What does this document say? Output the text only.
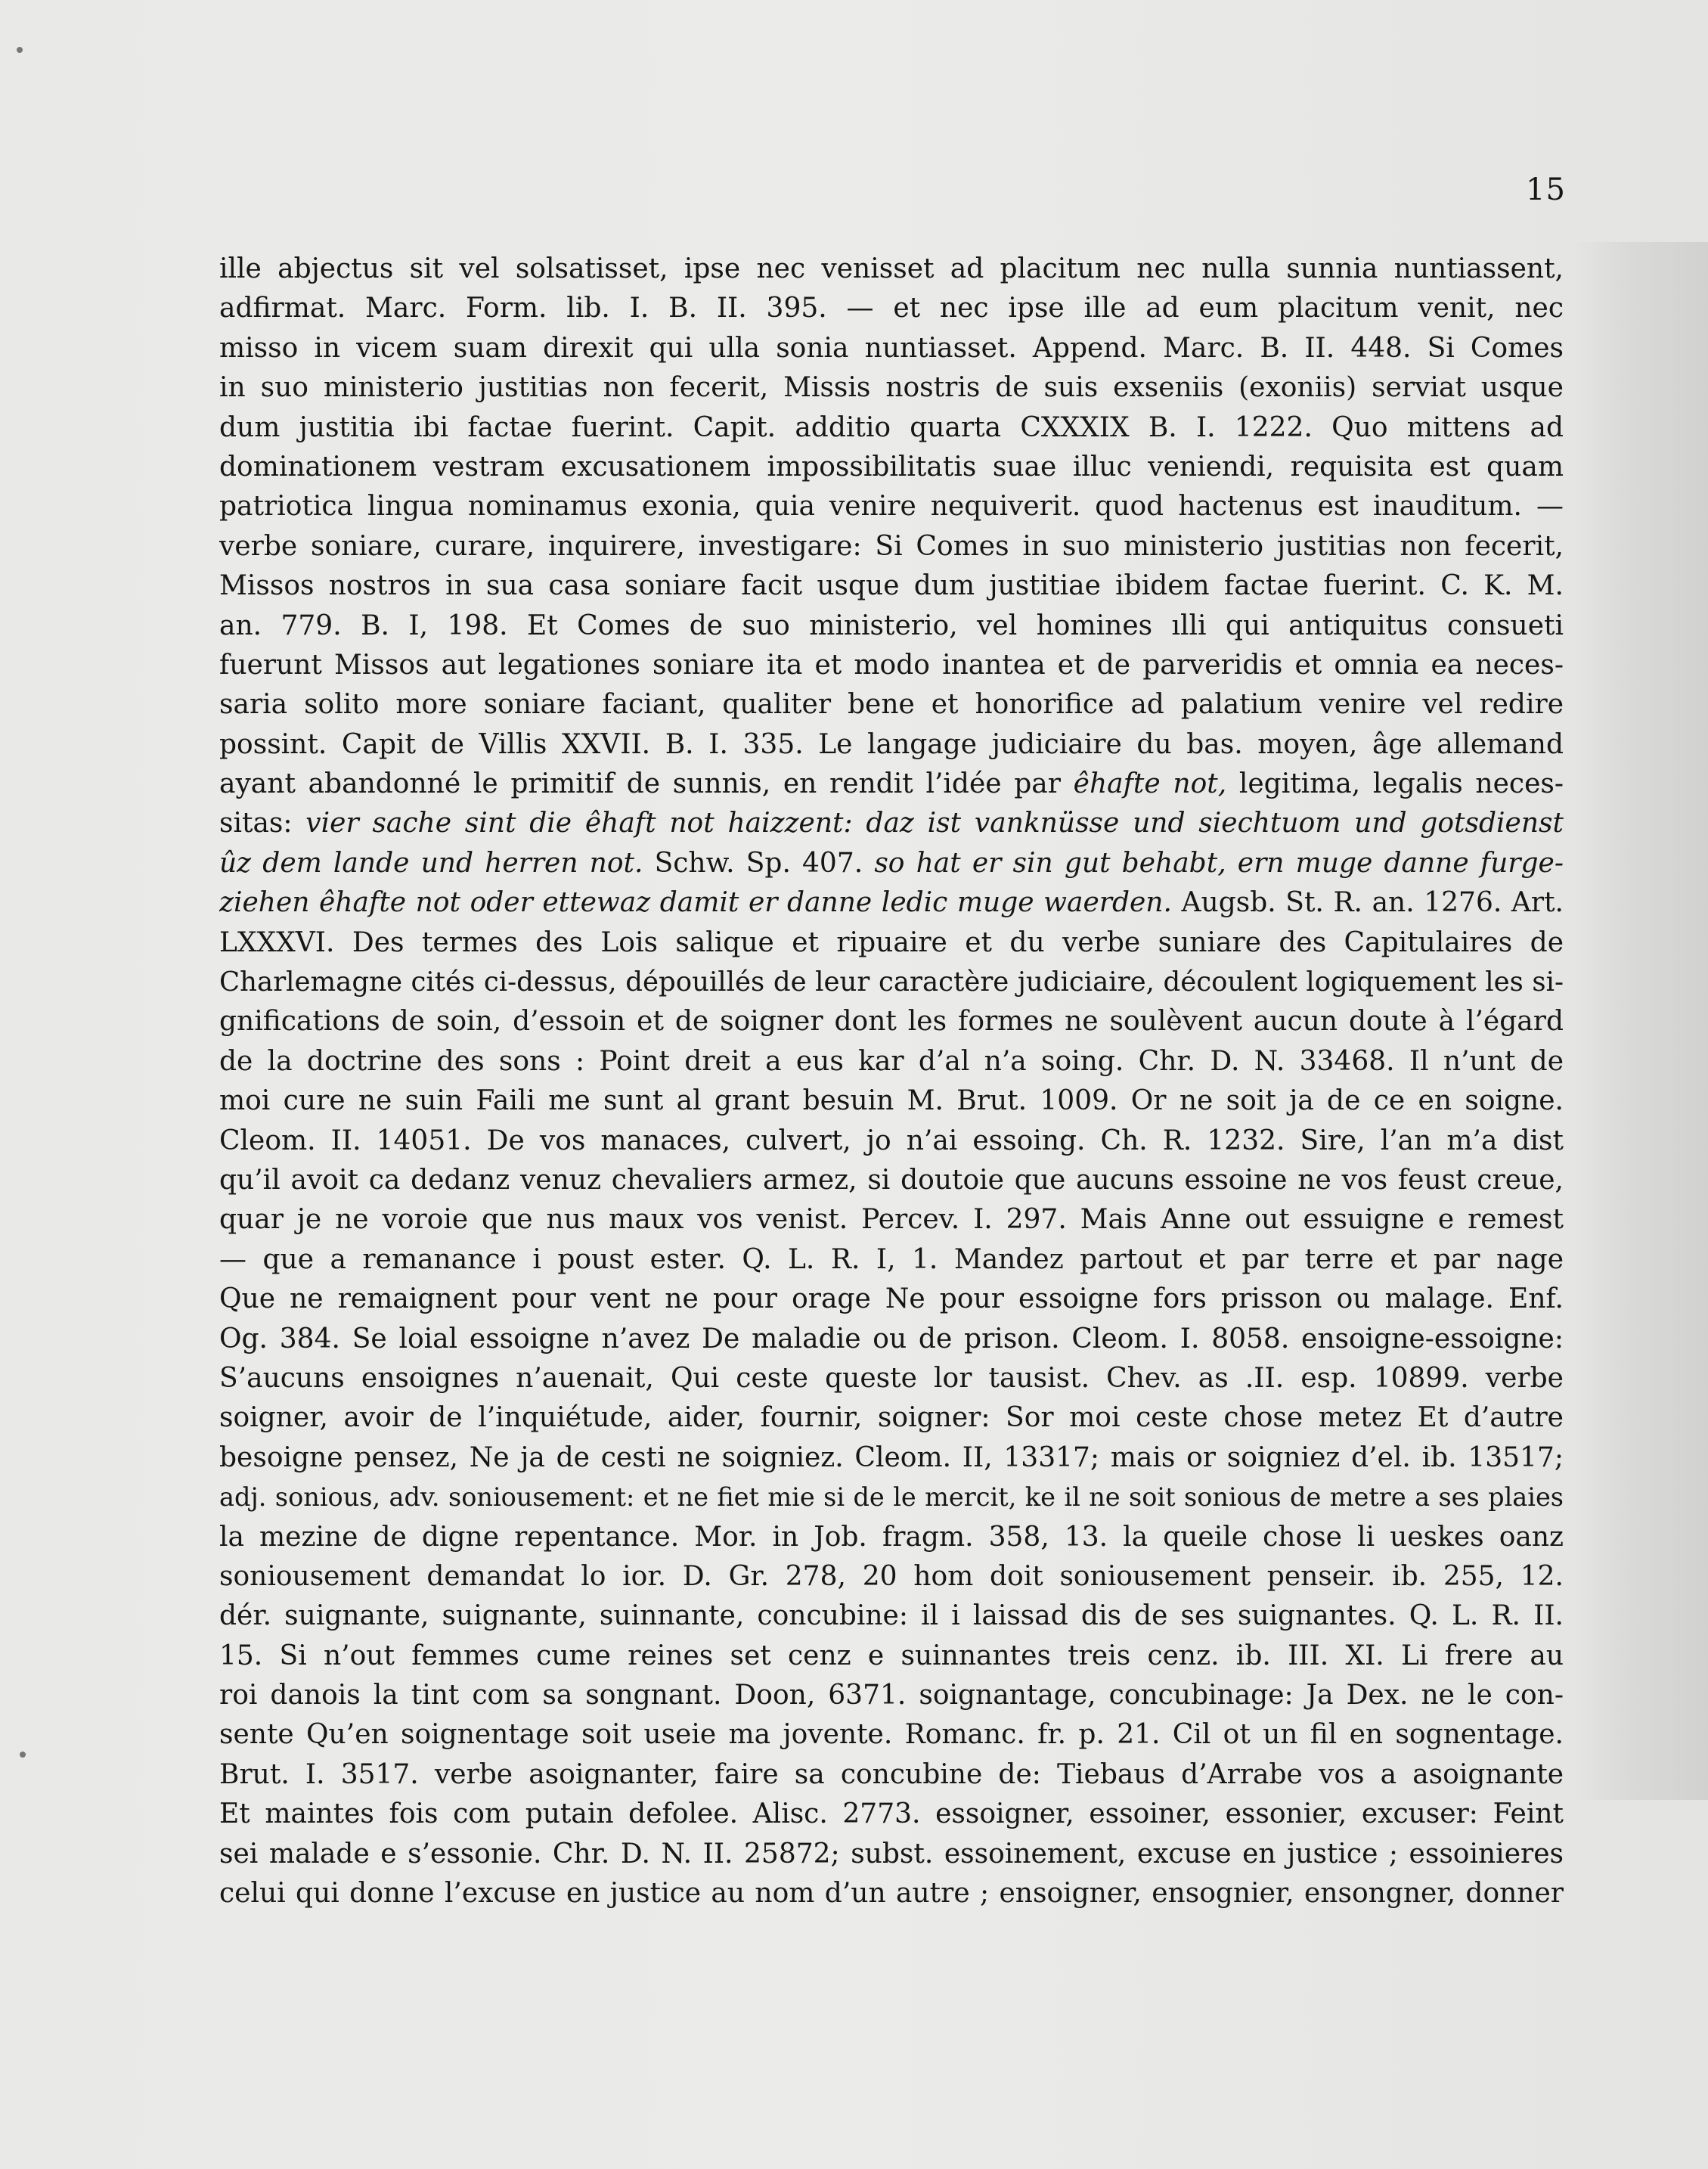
15
ille abjectus sit vel solsatisset, ipse nec venisset ad placitum nec nulla sunnia nuntiassent,
adfirmat. Marc. Form. lib. I. B. II. 395. — et nec ipse ille ad eum placitum venit, nec
misso in vicem suam direxit qui ulla sonia nuntiasset. Append. Marc. B. II. 448. Si Comes
in suo ministerio justitias non fecerit, Missis nostris de suis exseniis (exoniis) serviat usque
dum justitia ibi factae fuerint. Capit. additio quarta CXXXIX B. I. 1222. Quo mittens ad
dominationem vestram excusationem impossibilitatis suae illuc veniendi, requisita est quam
patriotica lingua nominamus exonia, quia venire nequiverit. quod hactenus est inauditum. —
verbe soniare, curare, inquirere, investigare: Si Comes in suo ministerio justitias non fecerit,
Missos nostros in sua casa soniare facit usque dum justitiae ibidem factae fuerint. C. K. M.
an. 779. B. I, 198. Et Comes de suo ministerio, vel homines ılli qui antiquitus consueti
fuerunt Missos aut legationes soniare ita et modo inantea et de parveridis et omnia ea neces-
saria solito more soniare faciant, qualiter bene et honorifice ad palatium venire vel redire
possint. Capit de Villis XXVII. B. I. 335. Le langage judiciaire du bas. moyen, âge allemand
ayant abandonné le primitif de sunnis, en rendit l’idée par êhafte not, legitima, legalis neces-
sitas: vier sache sint die êhaft not haizzent: daz ist vanknüsse und siechtuom und gotsdienst
ûz dem lande und herren not. Schw. Sp. 407. so hat er sin gut behabt, ern muge danne furge-
ziehen êhafte not oder ettewaz damit er danne ledic muge waerden. Augsb. St. R. an. 1276. Art.
LXXXVI. Des termes des Lois salique et ripuaire et du verbe suniare des Capitulaires de
Charlemagne cités ci-dessus, dépouillés de leur caractère judiciaire, découlent logiquement les si-
gnifications de soin, d’essoin et de soigner dont les formes ne soulèvent aucun doute à l’égard
de la doctrine des sons : Point dreit a eus kar d’al n’a soing. Chr. D. N. 33468. Il n’unt de
moi cure ne suin Faili me sunt al grant besuin M. Brut. 1009. Or ne soit ja de ce en soigne.
Cleom. II. 14051. De vos manaces, culvert, jo n’ai essoing. Ch. R. 1232. Sire, l’an m’a dist
qu’il avoit ca dedanz venuz chevaliers armez, si doutoie que aucuns essoine ne vos feust creue,
quar je ne voroie que nus maux vos venist. Percev. I. 297. Mais Anne out essuigne e remest
— que a remanance i poust ester. Q. L. R. I, 1. Mandez partout et par terre et par nage
Que ne remaignent pour vent ne pour orage Ne pour essoigne fors prisson ou malage. Enf.
Og. 384. Se loial essoigne n’avez De maladie ou de prison. Cleom. I. 8058. ensoigne-essoigne:
S’aucuns ensoignes n’auenait, Qui ceste queste lor tausist. Chev. as .II. esp. 10899. verbe
soigner, avoir de l’inquiétude, aider, fournir, soigner: Sor moi ceste chose metez Et d’autre
besoigne pensez, Ne ja de cesti ne soigniez. Cleom. II, 13317; mais or soigniez d’el. ib. 13517;
adj. sonious, adv. soniousement: et ne fiet mie si de le mercit, ke il ne soit sonious de metre a ses plaies
la mezine de digne repentance. Mor. in Job. fragm. 358, 13. la queile chose li ueskes oanz
soniousement demandat lo ior. D. Gr. 278, 20 hom doit soniousement penseir. ib. 255, 12.
dér. suignante, suignante, suinnante, concubine: il i laissad dis de ses suignantes. Q. L. R. II.
15. Si n’out femmes cume reines set cenz e suinnantes treis cenz. ib. III. XI. Li frere au
roi danois la tint com sa songnant. Doon, 6371. soignantage, concubinage: Ja Dex. ne le con-
sente Qu’en soignentage soit useie ma jovente. Romanc. fr. p. 21. Cil ot un fil en sognentage.
Brut. I. 3517. verbe asoignanter, faire sa concubine de: Tiebaus d’Arrabe vos a asoignante
Et maintes fois com putain defolee. Alisc. 2773. essoigner, essoiner, essonier, excuser: Feint
sei malade e s’essonie. Chr. D. N. II. 25872; subst. essoinement, excuse en justice ; essoinieres
celui qui donne l’excuse en justice au nom d’un autre ; ensoigner, ensognier, ensongner, donner
